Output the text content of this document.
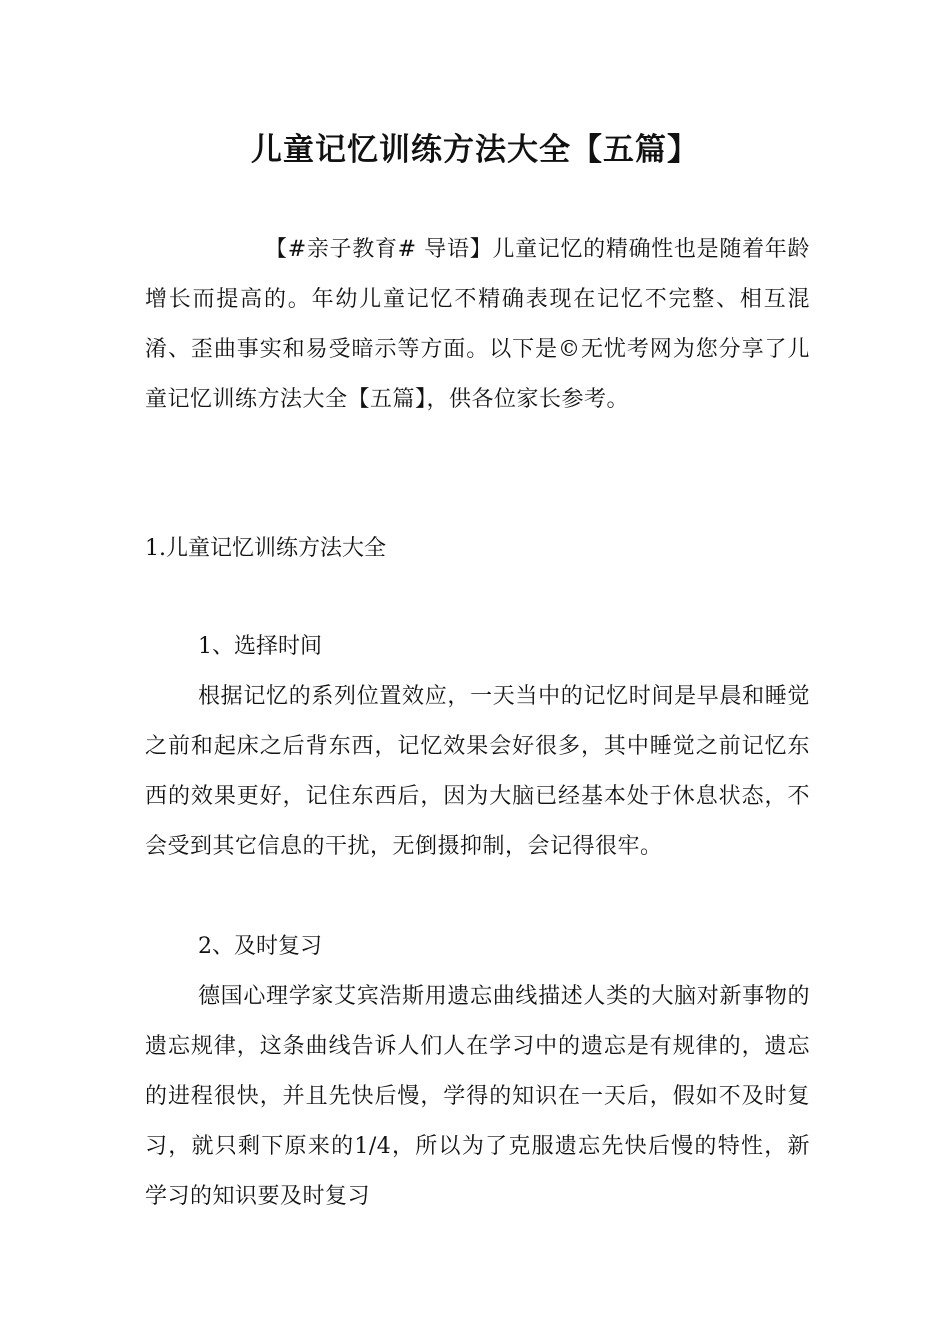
儿童记忆训练方法大全【五篇】

【#亲子教育# 导语】儿童记忆的精确性也是随着年龄增长而提高的。年幼儿童记忆不精确表现在记忆不完整、相互混淆、歪曲事实和易受暗示等方面。以下是©无忧考网为您分享了儿童记忆训练方法大全【五篇】，供各位家长参考。

1.儿童记忆训练方法大全

1、选择时间

根据记忆的系列位置效应，一天当中的记忆时间是早晨和睡觉之前和起床之后背东西，记忆效果会好很多，其中睡觉之前记忆东西的效果更好，记住东西后，因为大脑已经基本处于休息状态，不会受到其它信息的干扰，无倒摄抑制，会记得很牢。

2、及时复习

德国心理学家艾宾浩斯用遗忘曲线描述人类的大脑对新事物的遗忘规律，这条曲线告诉人们人在学习中的遗忘是有规律的，遗忘的进程很快，并且先快后慢，学得的知识在一天后，假如不及时复习，就只剩下原来的1/4，所以为了克服遗忘先快后慢的特性，新学习的知识要及时复习
